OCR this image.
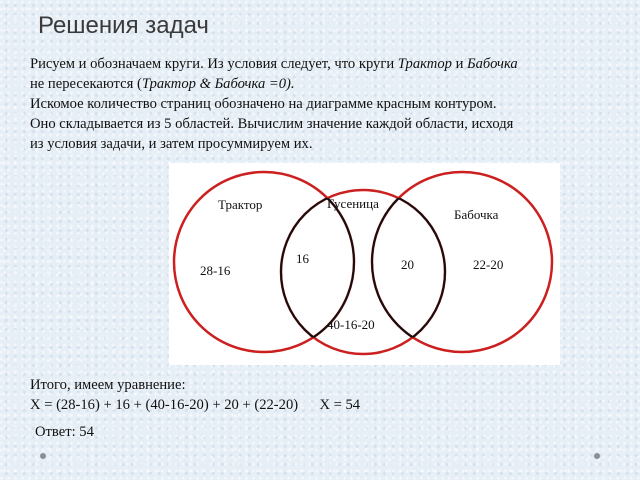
Решения задач

Рисуем и обозначаем круги. Из условия следует, что круги Трактор и Бабочка
не пересекаются (Трактор & Бабочка =0).
Искомое количество страниц обозначено на диаграмме красным контуром.
Оно складывается из 5 областей. Вычислим значение каждой области, исходя
из условия задачи, и затем просуммируем их.

Трактор	Гусеница
Бабочка
28-16
16	20	22-20
40-16-20
Итого, имеем уравнение:
Х = (28-16) + 16 + (40-16-20) + 20 + (22-20) Х = 54
Ответ: 54
